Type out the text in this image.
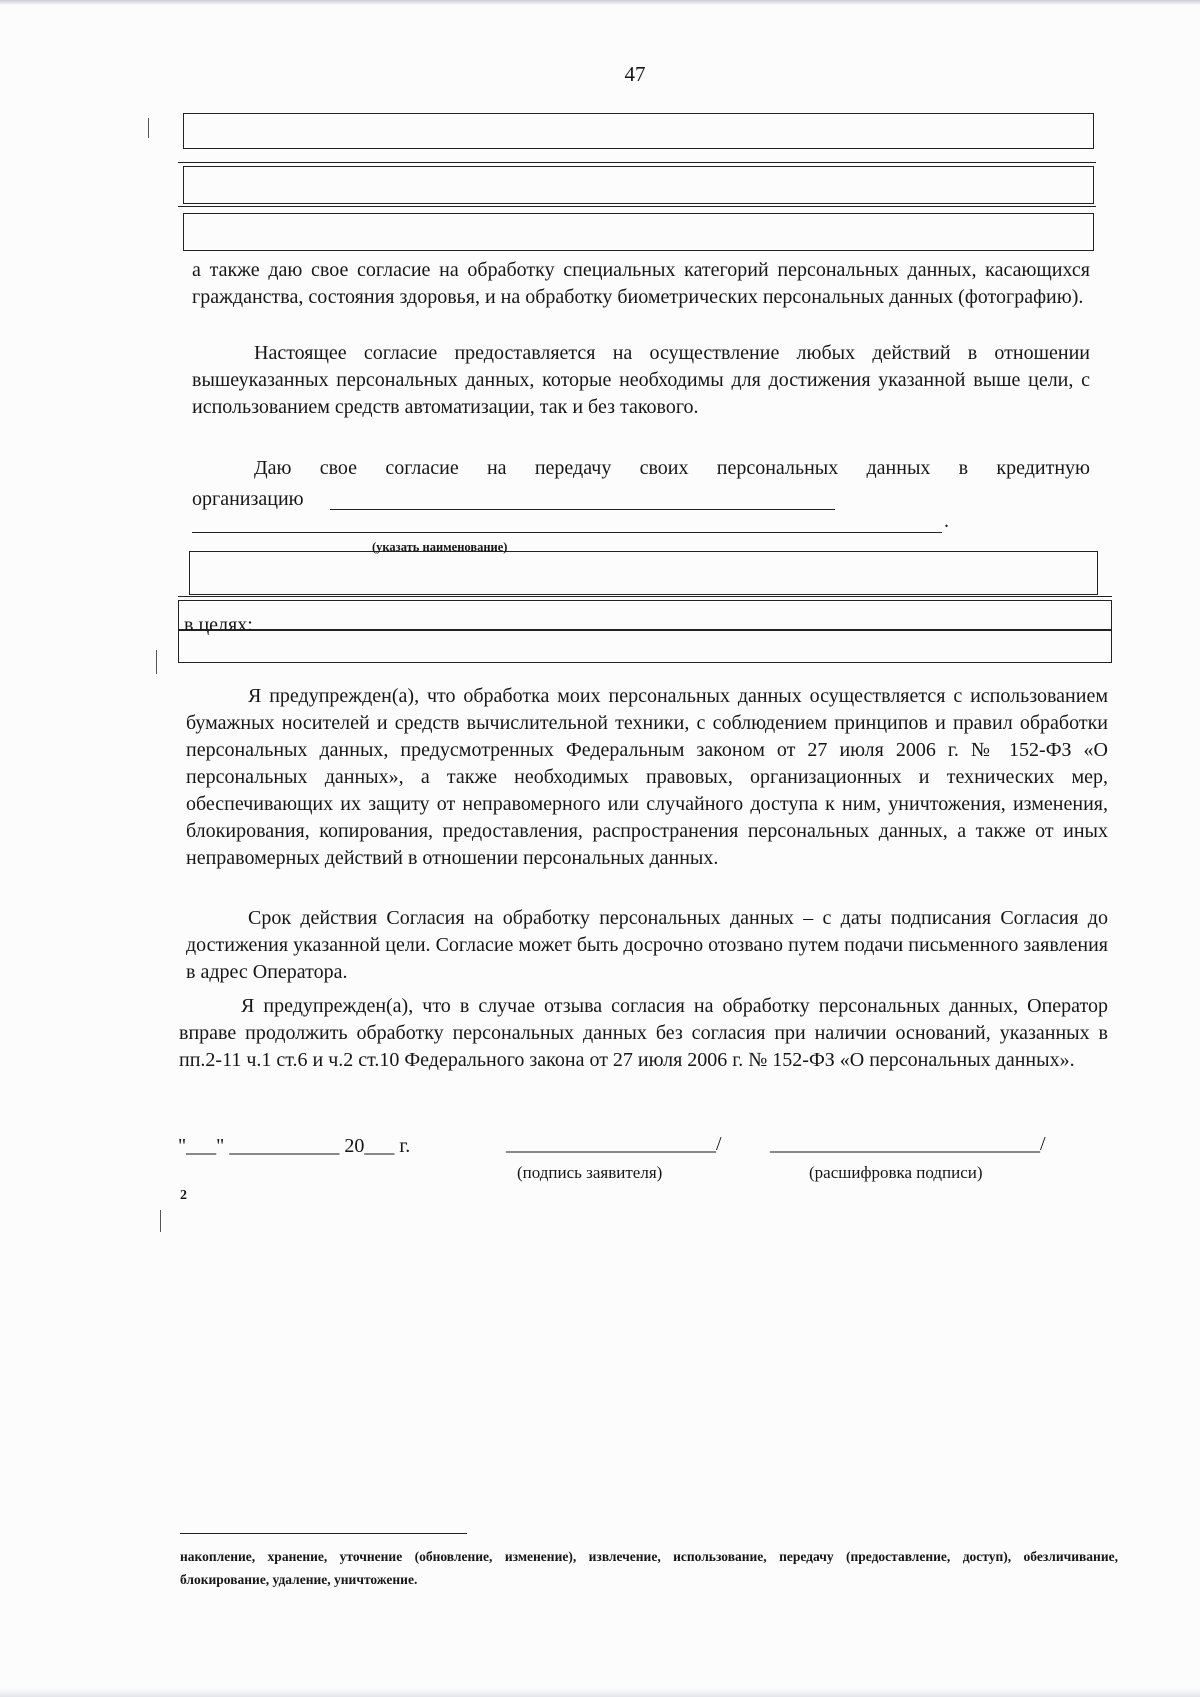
47

а также даю свое согласие на обработку специальных категорий персональных данных, касающихся гражданства, состояния здоровья, и на обработку биометрических персональных данных (фотографию).

Настоящее согласие предоставляется на осуществление любых действий в отношении вышеуказанных персональных данных, которые необходимы для достижения указанной выше цели, с использованием средств автоматизации, так и без такового.

Даю свое согласие на передачу своих персональных данных в кредитную

организацию
.
(указать наименование)
в целях:

Я предупрежден(а), что обработка моих персональных данных осуществляется с использованием бумажных носителей и средств вычислительной техники, с соблюдением принципов и правил обработки персональных данных, предусмотренных Федеральным законом от 27 июля 2006 г. № 152-ФЗ «О персональных данных», а также необходимых правовых, организационных и технических мер, обеспечивающих их защиту от неправомерного или случайного доступа к ним, уничтожения, изменения, блокирования, копирования, предоставления, распространения персональных данных, а также от иных неправомерных действий в отношении персональных данных.

Срок действия Согласия на обработку персональных данных – с даты подписания Согласия до достижения указанной цели. Согласие может быть досрочно отозвано путем подачи письменного заявления в адрес Оператора.

Я предупрежден(а), что в случае отзыва согласия на обработку персональных данных, Оператор вправе продолжить обработку персональных данных без согласия при наличии оснований, указанных в пп.2-11 ч.1 ст.6 и ч.2 ст.10 Федерального закона от 27 июля 2006 г. № 152-ФЗ «О персональных данных».

"___" ___________ 20___ г.	_____________________/ ___________________________/
(подпись заявителя)	(расшифровка подписи)
2
накопление, хранение, уточнение (обновление, изменение), извлечение, использование, передачу (предоставление, доступ), обезличивание, блокирование, удаление, уничтожение.
